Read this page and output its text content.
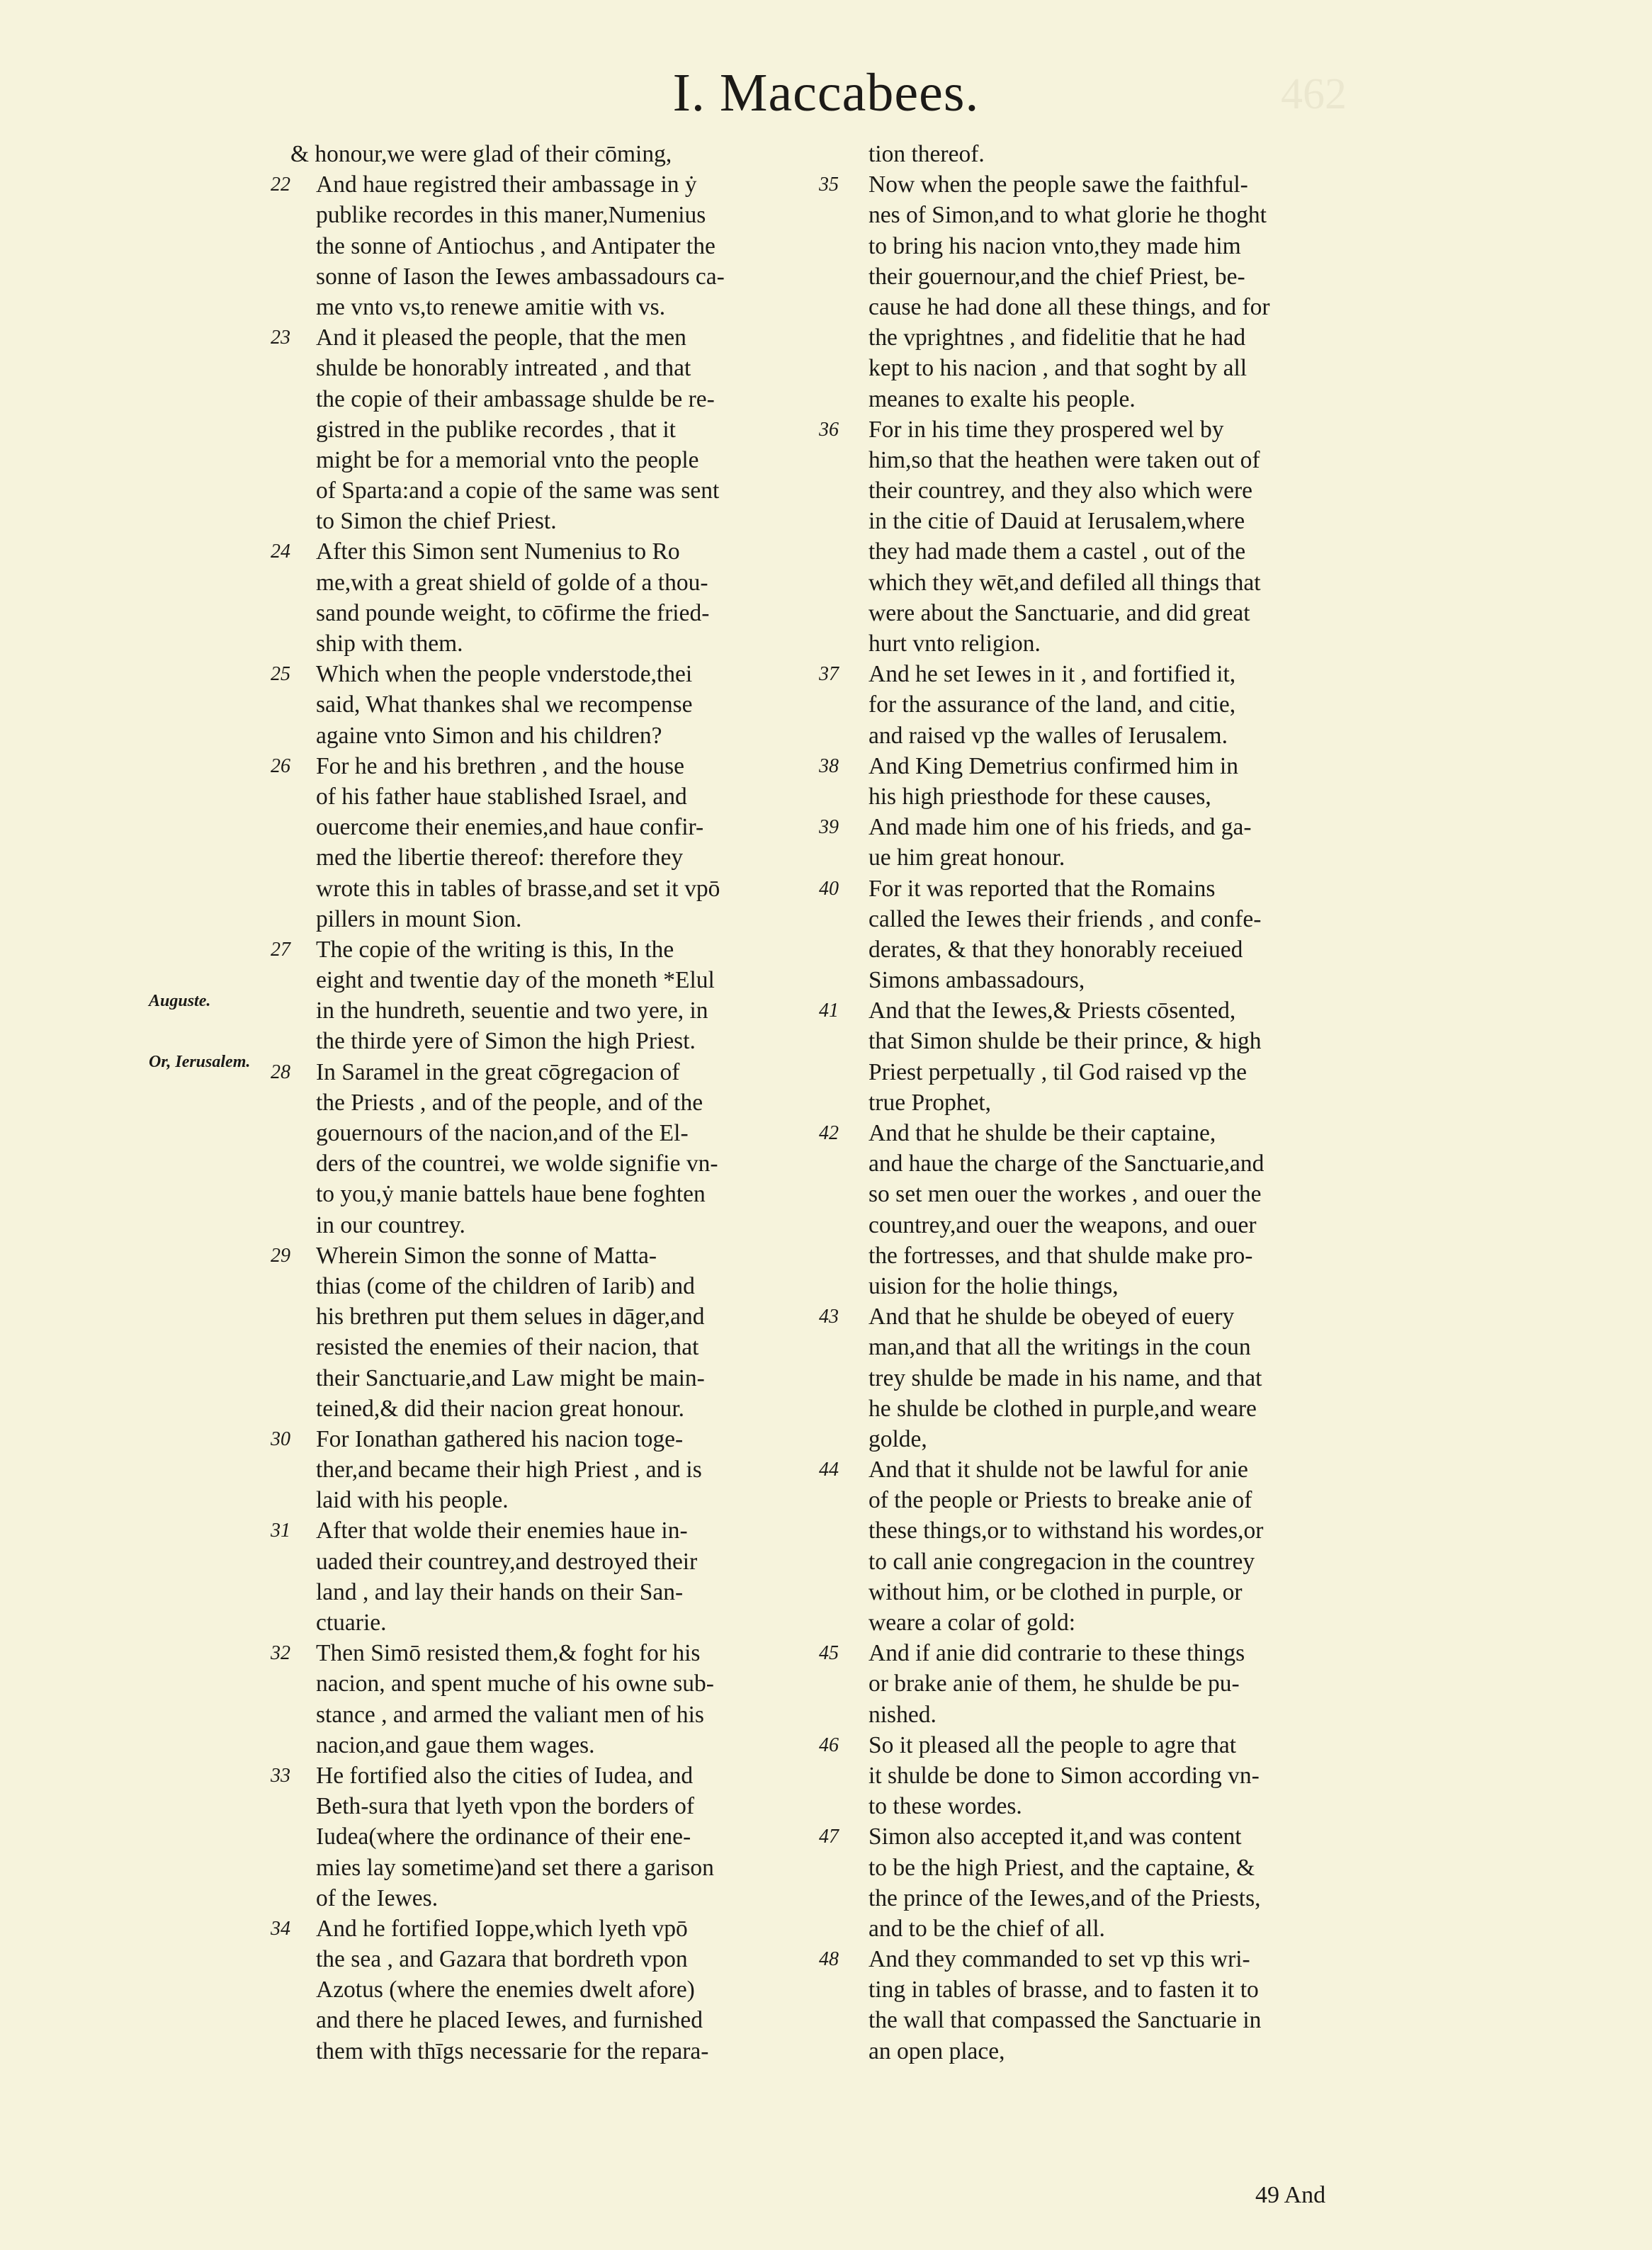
462
I. Maccabees.
Auguste.
Or, Ierusalem.
& honour,we were glad of their cōming,
22 And haue registred their ambassage in ẏ
publike recordes in this maner,Numenius
the sonne of Antiochus , and Antipater the
sonne of Iason the Iewes ambassadours ca-
me vnto vs,to renewe amitie with vs.
23 And it pleased the people, that the men
shulde be honorably intreated , and that
the copie of their ambassage shulde be re-
gistred in the publike recordes , that it
might be for a memorial vnto the people
of Sparta:and a copie of the same was sent
to Simon the chief Priest.
24 After this Simon sent Numenius to Ro
me,with a great shield of golde of a thou-
sand pounde weight, to cōfirme the fried-
ship with them.
25 Which when the people vnderstode,thei
said, What thankes shal we recompense
againe vnto Simon and his children?
26 For he and his brethren , and the house
of his father haue stablished Israel, and
ouercome their enemies,and haue confir-
med the libertie thereof: therefore they
wrote this in tables of brasse,and set it vpō
pillers in mount Sion.
27 The copie of the writing is this, In the
eight and twentie day of the moneth *Elul
in the hundreth, seuentie and two yere, in
the thirde yere of Simon the high Priest.
28 In Saramel in the great cōgregacion of
the Priests , and of the people, and of the
gouernours of the nacion,and of the El-
ders of the countrei, we wolde signifie vn-
to you,ẏ manie battels haue bene foghten
in our countrey.
29 Wherein Simon the sonne of Matta-
thias (come of the children of Iarib) and
his brethren put them selues in dāger,and
resisted the enemies of their nacion, that
their Sanctuarie,and Law might be main-
teined,& did their nacion great honour.
30 For Ionathan gathered his nacion toge-
ther,and became their high Priest , and is
laid with his people.
31 After that wolde their enemies haue in-
uaded their countrey,and destroyed their
land , and lay their hands on their San-
ctuarie.
32 Then Simō resisted them,& foght for his
nacion, and spent muche of his owne sub-
stance , and armed the valiant men of his
nacion,and gaue them wages.
33 He fortified also the cities of Iudea, and
Beth-sura that lyeth vpon the borders of
Iudea(where the ordinance of their ene-
mies lay sometime)and set there a garison
of the Iewes.
34 And he fortified Ioppe,which lyeth vpō
the sea , and Gazara that bordreth vpon
Azotus (where the enemies dwelt afore)
and there he placed Iewes, and furnished
them with thīgs necessarie for the repara-
tion thereof.
35 Now when the people sawe the faithful-
nes of Simon,and to what glorie he thoght
to bring his nacion vnto,they made him
their gouernour,and the chief Priest, be-
cause he had done all these things, and for
the vprightnes , and fidelitie that he had
kept to his nacion , and that soght by all
meanes to exalte his people.
36 For in his time they prospered wel by
him,so that the heathen were taken out of
their countrey, and they also which were
in the citie of Dauid at Ierusalem,where
they had made them a castel , out of the
which they wēt,and defiled all things that
were about the Sanctuarie, and did great
hurt vnto religion.
37 And he set Iewes in it , and fortified it,
for the assurance of the land, and citie,
and raised vp the walles of Ierusalem.
38 And King Demetrius confirmed him in
his high priesthode for these causes,
39 And made him one of his frieds, and ga-
ue him great honour.
40 For it was reported that the Romains
called the Iewes their friends , and confe-
derates, & that they honorably receiued
Simons ambassadours,
41 And that the Iewes,& Priests cōsented,
that Simon shulde be their prince, & high
Priest perpetually , til God raised vp the
true Prophet,
42 And that he shulde be their captaine,
and haue the charge of the Sanctuarie,and
so set men ouer the workes , and ouer the
countrey,and ouer the weapons, and ouer
the fortresses, and that shulde make pro-
uision for the holie things,
43 And that he shulde be obeyed of euery
man,and that all the writings in the coun
trey shulde be made in his name, and that
he shulde be clothed in purple,and weare
golde,
44 And that it shulde not be lawful for anie
of the people or Priests to breake anie of
these things,or to withstand his wordes,or
to call anie congregacion in the countrey
without him, or be clothed in purple, or
weare a colar of gold:
45 And if anie did contrarie to these things
or brake anie of them, he shulde be pu-
nished.
46 So it pleased all the people to agre that
it shulde be done to Simon according vn-
to these wordes.
47 Simon also accepted it,and was content
to be the high Priest, and the captaine, &
the prince of the Iewes,and of the Priests,
and to be the chief of all.
48 And they commanded to set vp this wri-
ting in tables of brasse, and to fasten it to
the wall that compassed the Sanctuarie in
an open place,
49 And
